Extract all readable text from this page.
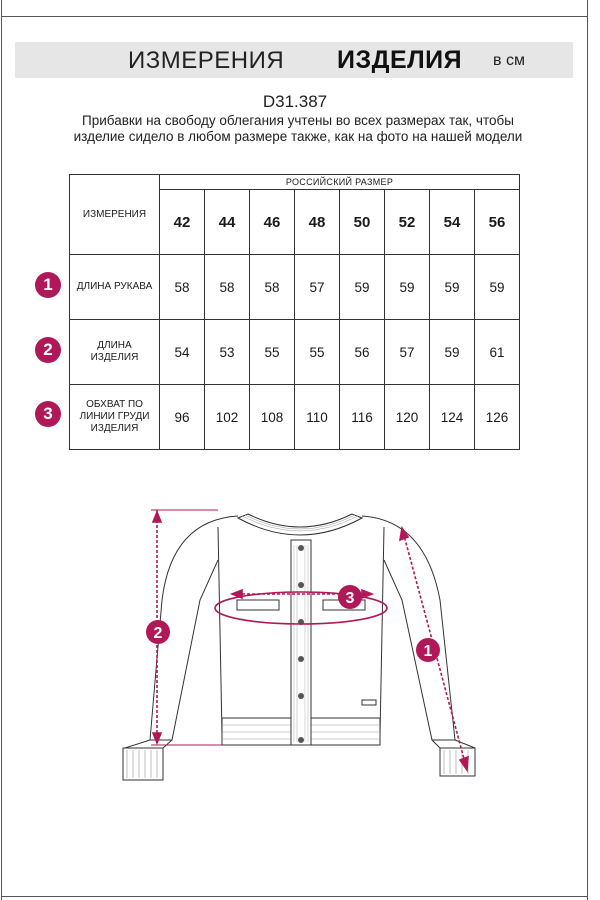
ИЗМЕРЕНИЯ ИЗДЕЛИЯ в см
D31.387
Прибавки на свободу облегания учтены во всех размерах так, чтобы изделие сидело в любом размере также, как на фото на нашей модели
ИЗМЕРЕНИЯ	РОССИЙСКИЙ РАЗМЕР							
	42	44	46	48	50	52	54	56
ДЛИНА РУКАВА	58	58	58	57	59	59	59	59
ДЛИНА ИЗДЕЛИЯ	54	53	55	55	56	57	59	61
ОБХВАТ ПО ЛИНИИ ГРУДИ ИЗДЕЛИЯ	96	102	108	110	116	120	124	126
1
2
3
2
3
1
